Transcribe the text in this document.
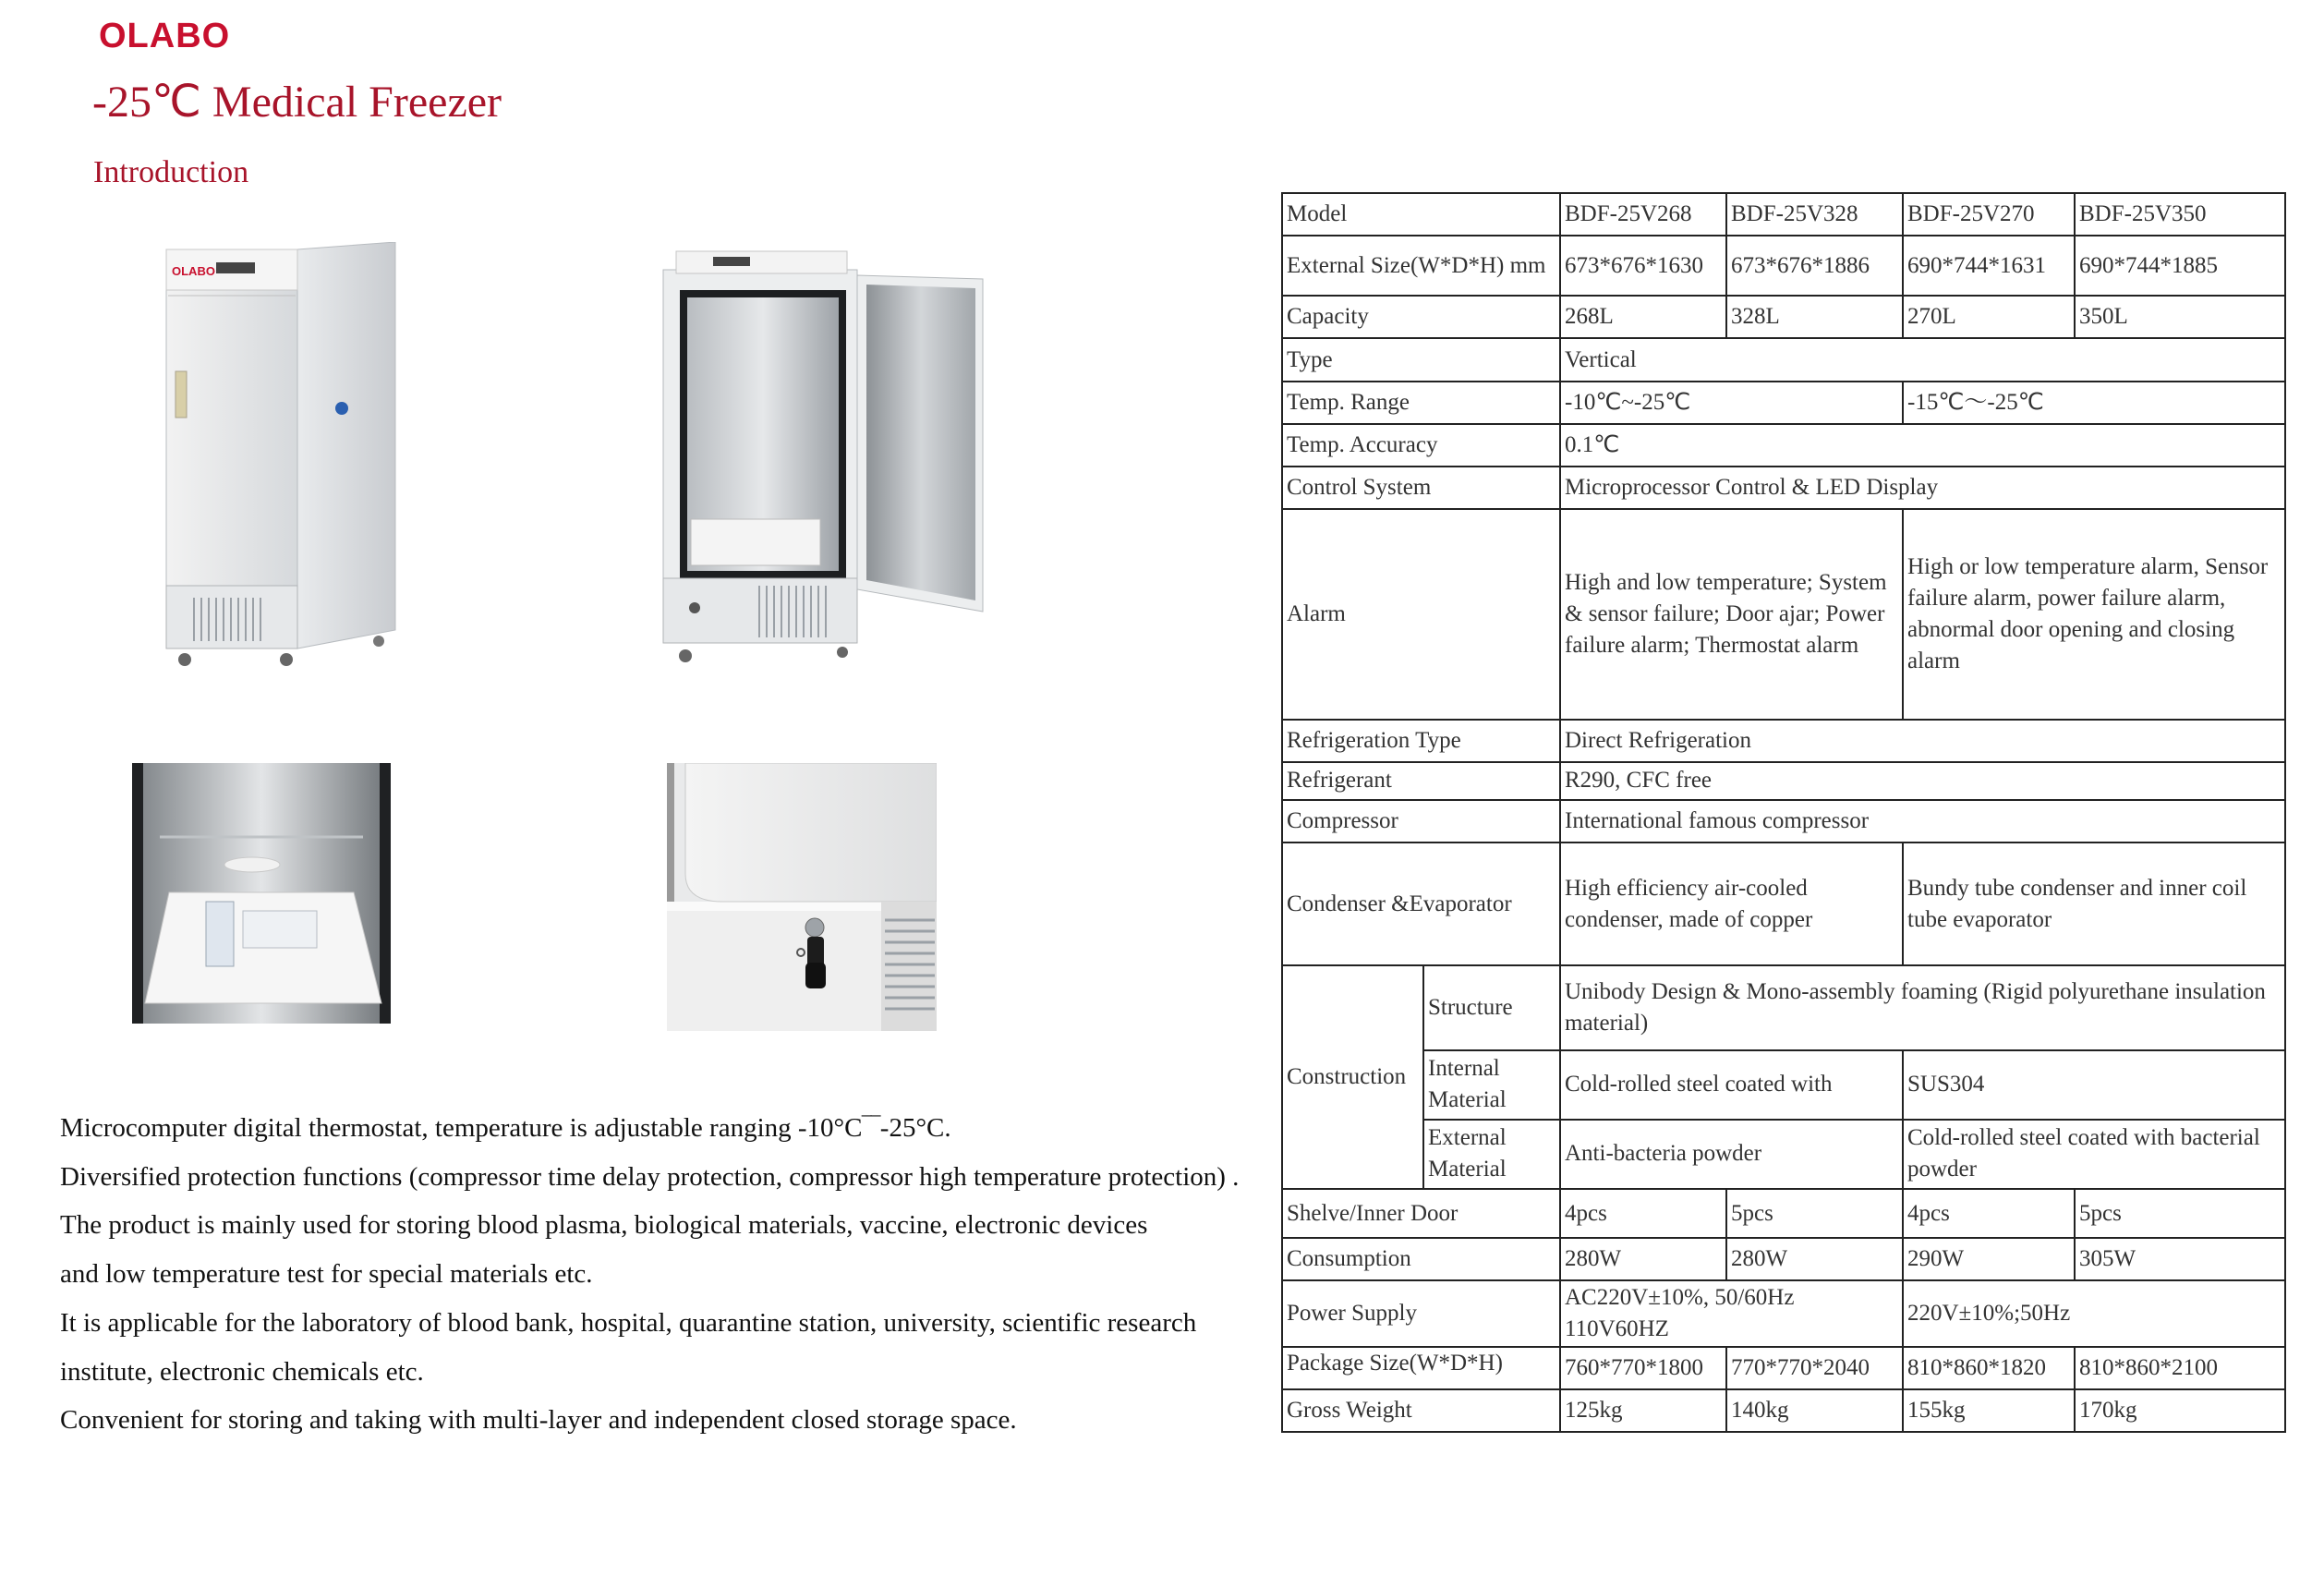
OLABO
-25℃ Medical Freezer
Introduction
OLABO

Microcomputer digital thermostat, temperature is adjustable ranging -10°C‾‾-25°C.

Diversified protection functions (compressor time delay protection, compressor high temperature protection) .

The product is mainly used for storing blood plasma, biological materials, vaccine, electronic devices

and low temperature test for special materials etc.

It is applicable for the laboratory of blood bank, hospital, quarantine station, university, scientific research

institute, electronic chemicals etc.

Convenient for storing and taking with multi-layer and independent closed storage space.

Model		BDF-25V268	BDF-25V328	BDF-25V270	BDF-25V350
External Size(W*D*H) mm		673*676*1630	673*676*1886	690*744*1631	690*744*1885
Capacity		268L	328L	270L	350L
Type		Vertical			
Temp. Range		-10℃~-25℃		-15℃～-25℃	
Temp. Accuracy		0.1℃			
Control System		Microprocessor Control & LED Display			
Alarm		High and low temperature; System & sensor failure; Door ajar; Power failure alarm; Thermostat alarm		High or low temperature alarm, Sensor failure alarm, power failure alarm, abnormal door opening and closing alarm	
Refrigeration Type		Direct Refrigeration			
Refrigerant		R290, CFC free			
Compressor		International famous compressor			
Condenser &Evaporator		High efficiency air-cooled condenser, made of copper		Bundy tube condenser and inner coil tube evaporator	
Construction	Structure	Unibody Design & Mono-assembly foaming (Rigid polyurethane insulation material)			
	Internal Material	Cold-rolled steel coated with		SUS304	
	External Material	Anti-bacteria powder		Cold-rolled steel coated with bacterial powder	
Shelve/Inner Door		4pcs	5pcs	4pcs	5pcs
Consumption		280W	280W	290W	305W
Power Supply		AC220V±10%, 50/60Hz 110V60HZ		220V±10%;50Hz	
Package Size(W*D*H)		760*770*1800	770*770*2040	810*860*1820	810*860*2100
Gross Weight		125kg	140kg	155kg	170kg
